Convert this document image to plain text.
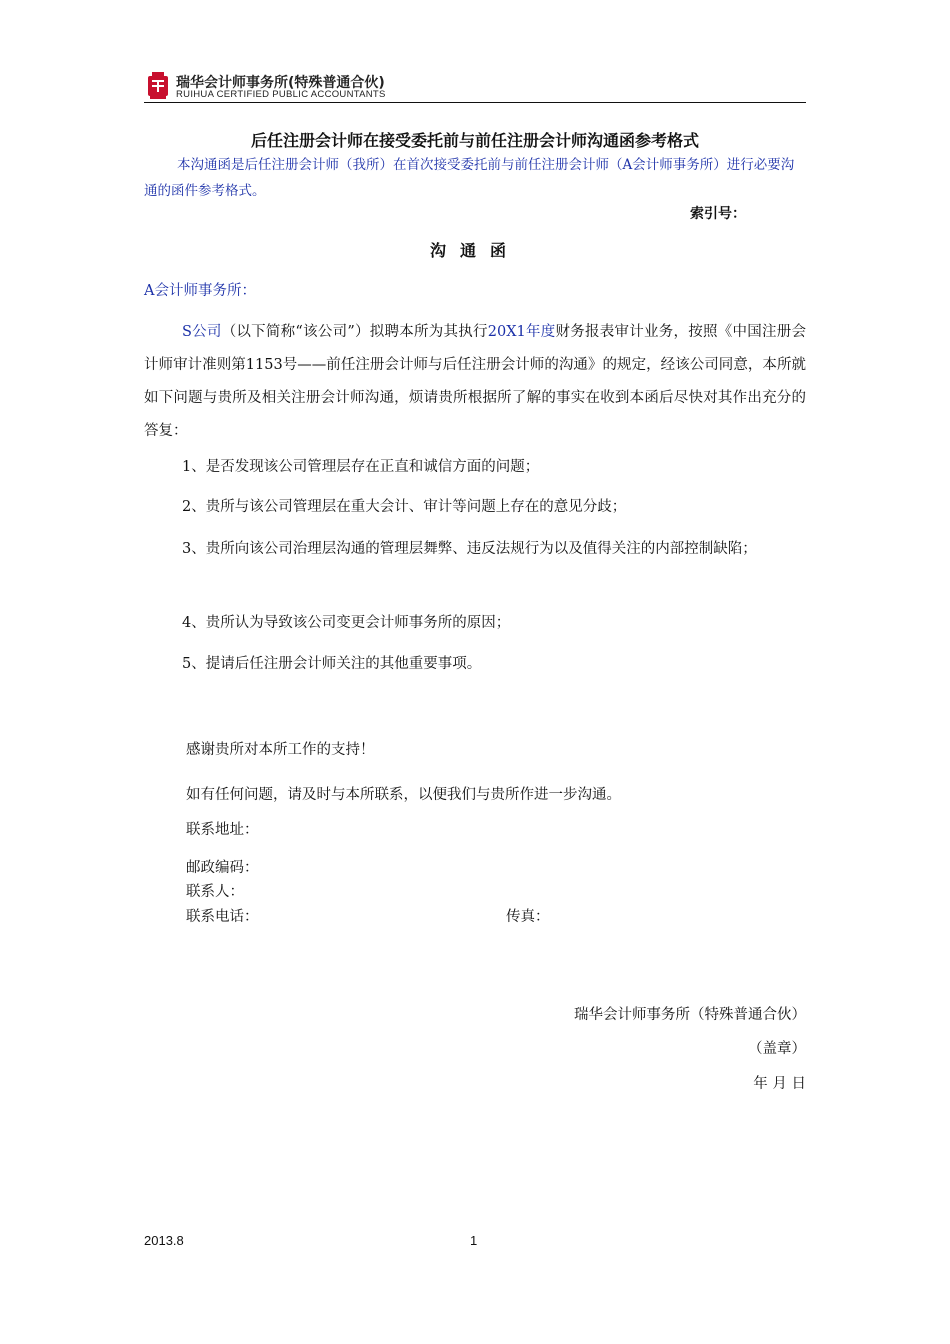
瑞华会计师事务所(特殊普通合伙)
RUIHUA CERTIFIED PUBLIC ACCOUNTANTS
后任注册会计师在接受委托前与前任注册会计师沟通函参考格式
本沟通函是后任注册会计师（我所）在首次接受委托前与前任注册会计师（A会计师事务所）进行必要沟通的函件参考格式。
索引号：
沟通函
A会计师事务所：
S公司（以下简称“该公司”）拟聘本所为其执行20X1年度财务报表审计业务，按照《中国注册会计师审计准则第1153号——前任注册会计师与后任注册会计师的沟通》的规定，经该公司同意，本所就如下问题与贵所及相关注册会计师沟通，烦请贵所根据所了解的事实在收到本函后尽快对其作出充分的答复：
1、是否发现该公司管理层存在正直和诚信方面的问题；
2、贵所与该公司管理层在重大会计、审计等问题上存在的意见分歧；
3、贵所向该公司治理层沟通的管理层舞弊、违反法规行为以及值得关注的内部控制缺陷；
4、贵所认为导致该公司变更会计师事务所的原因；
5、提请后任注册会计师关注的其他重要事项。
感谢贵所对本所工作的支持！
如有任何问题，请及时与本所联系，以便我们与贵所作进一步沟通。
联系地址：
邮政编码：
联系人：
联系电话：	传真：
瑞华会计师事务所（特殊普通合伙）
（盖章）
年 月 日
2013.8	1
